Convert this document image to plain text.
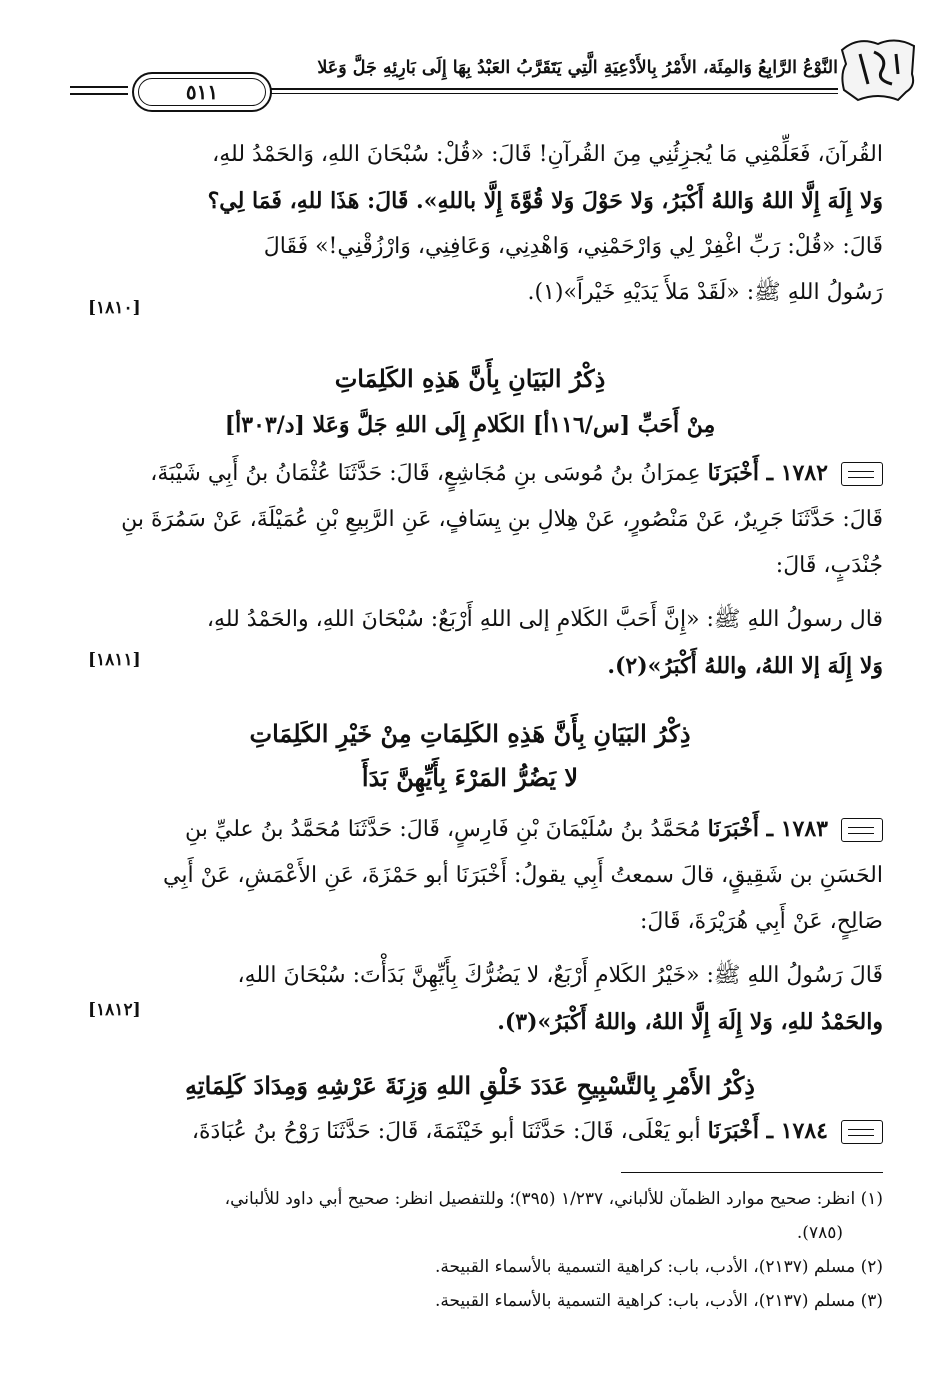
النَّوْعُ الرَّابِعُ وَالمِئَة، الأَمْرُ بِالأَدْعِيَةِ الَّتِي يَتَقَرَّبُ العَبْدُ بِهَا إِلَى بَارِئِهِ جَلَّ وَعَلا
٥١١
القُرآنَ، فَعَلِّمْنِي مَا يُجزِئُنِي مِنَ القُرآنِ! قَالَ: «قُلْ: سُبْحَانَ اللهِ، وَالحَمْدُ للهِ،
وَلا إِلَهَ إِلَّا اللهُ وَاللهُ أَكْبَرُ، وَلا حَوْلَ وَلا قُوَّةَ إِلَّا باللهِ». قَالَ: هَذَا للهِ، فَمَا لِي؟
قَالَ: «قُلْ: رَبِّ اغْفِرْ لِي وَارْحَمْنِي، وَاهْدِنِي، وَعَافِنِي، وَارْزُقْنِي!» فَقَالَ
رَسُولُ اللهِ ﷺ: «لَقَدْ مَلأَ يَدَيْهِ خَيْراً»(١).
[١٨١٠]
ذِكْرُ البَيَانِ بِأَنَّ هَذِهِ الكَلِمَاتِ
مِنْ أَحَبِّ [س/١١٦أ] الكَلامِ إِلَى اللهِ جَلَّ وَعَلا [د/٣٠٣أ]
١٧٨٢ ـ أَخْبَرَنَا عِمرَانُ بنُ مُوسَى بنِ مُجَاشِعٍ، قَالَ: حَدَّثَنَا عُثْمَانُ بنُ أَبِي شَيْبَةَ،
قَالَ: حَدَّثَنَا جَرِيرٌ، عَنْ مَنْصُورٍ، عَنْ هِلالِ بنِ يِسَافٍ، عَنِ الرَّبِيعِ بْنِ عُمَيْلَةَ، عَنْ سَمُرَةَ بنِ
جُنْدَبٍ، قَالَ:
قال رسولُ اللهِ ﷺ: «إِنَّ أَحَبَّ الكَلامِ إلى اللهِ أَرْبَعٌ: سُبْحَانَ اللهِ، والحَمْدُ للهِ،
وَلا إِلَهَ إلا اللهُ، واللهُ أَكْبَرُ»(٢).
[١٨١١]
ذِكْرُ البَيَانِ بِأَنَّ هَذِهِ الكَلِمَاتِ مِنْ خَيْرِ الكَلِمَاتِ
لا يَضُرُّ المَرْءَ بِأَيِّهِنَّ بَدَأَ
١٧٨٣ ـ أَخْبَرَنَا مُحَمَّدُ بنُ سُلَيْمَانَ بْنِ فَارِسٍ، قَالَ: حَدَّثَنَا مُحَمَّدُ بنُ عليِّ بنِ
الحَسَنِ بن شَقِيقٍ، قالَ سمعتُ أَبِي يقولُ: أَخْبَرَنَا أبو حَمْزَةَ، عَنِ الأَعْمَشِ، عَنْ أَبِي
صَالِحٍ، عَنْ أَبِي هُرَيْرَةَ، قَالَ:
قَالَ رَسُولُ اللهِ ﷺ: «خَيْرُ الكَلامِ أَرْبَعٌ، لا يَضُرُّكَ بِأَيِّهِنَّ بَدَأْتَ: سُبْحَانَ اللهِ،
والحَمْدُ للهِ، وَلا إِلَهَ إِلَّا اللهُ، واللهُ أَكْبَرُ»(٣).
[١٨١٢]
ذِكْرُ الأَمْرِ بِالتَّسْبِيحِ عَدَدَ خَلْقِ اللهِ وَزِنَةَ عَرْشِهِ وَمِدَادَ كَلِمَاتِهِ
١٧٨٤ ـ أَخْبَرَنَا أبو يَعْلَى، قَالَ: حَدَّثَنَا أبو خَيْثَمَةَ، قَالَ: حَدَّثَنَا رَوْحُ بنُ عُبَادَةَ،
(١) انظر: صحيح موارد الظمآن للألباني، ١/٢٣٧ (٣٩٥)؛ وللتفصيل انظر: صحيح أبي داود للألباني،
(٧٨٥).
(٢) مسلم (٢١٣٧)، الأدب، باب: كراهية التسمية بالأسماء القبيحة.
(٣) مسلم (٢١٣٧)، الأدب، باب: كراهية التسمية بالأسماء القبيحة.
